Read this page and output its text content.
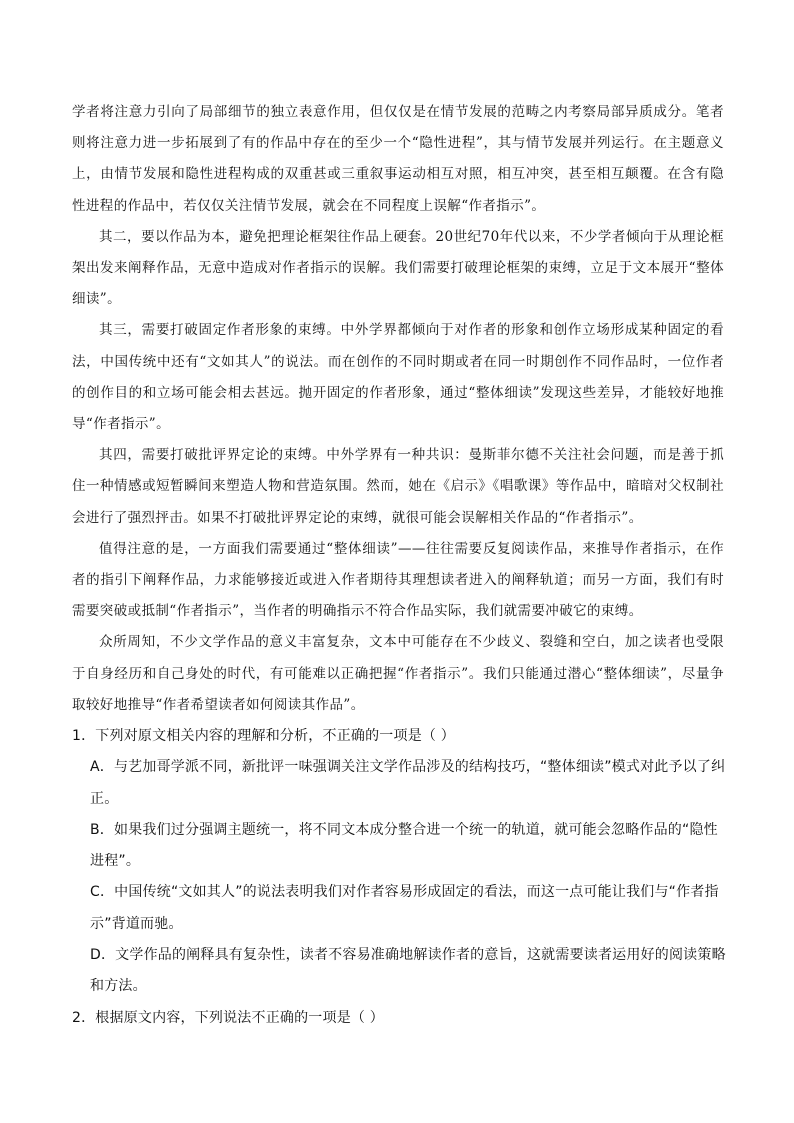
学者将注意力引向了局部细节的独立表意作用，但仅仅是在情节发展的范畴之内考察局部异质成分。笔者则将注意力进一步拓展到了有的作品中存在的至少一个“隐性进程”，其与情节发展并列运行。在主题意义上，由情节发展和隐性进程构成的双重甚或三重叙事运动相互对照，相互冲突，甚至相互颠覆。在含有隐性进程的作品中，若仅仅关注情节发展，就会在不同程度上误解“作者指示”。

其二，要以作品为本，避免把理论框架往作品上硬套。20世纪70年代以来，不少学者倾向于从理论框架出发来阐释作品，无意中造成对作者指示的误解。我们需要打破理论框架的束缚，立足于文本展开“整体细读”。

其三，需要打破固定作者形象的束缚。中外学界都倾向于对作者的形象和创作立场形成某种固定的看法，中国传统中还有“文如其人”的说法。而在创作的不同时期或者在同一时期创作不同作品时，一位作者的创作目的和立场可能会相去甚远。抛开固定的作者形象，通过“整体细读”发现这些差异，才能较好地推导“作者指示”。

其四，需要打破批评界定论的束缚。中外学界有一种共识：曼斯菲尔德不关注社会问题，而是善于抓住一种情感或短暂瞬间来塑造人物和营造氛围。然而，她在《启示》《唱歌课》等作品中，暗暗对父权制社会进行了强烈抨击。如果不打破批评界定论的束缚，就很可能会误解相关作品的“作者指示”。

值得注意的是，一方面我们需要通过“整体细读”——往往需要反复阅读作品，来推导作者指示，在作者的指引下阐释作品，力求能够接近或进入作者期待其理想读者进入的阐释轨道；而另一方面，我们有时需要突破或抵制“作者指示”，当作者的明确指示不符合作品实际，我们就需要冲破它的束缚。

众所周知，不少文学作品的意义丰富复杂，文本中可能存在不少歧义、裂缝和空白，加之读者也受限于自身经历和自己身处的时代，有可能难以正确把握“作者指示”。我们只能通过潜心“整体细读”，尽量争取较好地推导“作者希望读者如何阅读其作品”。

1．下列对原文相关内容的理解和分析，不正确的一项是（ ）

A．与艺加哥学派不同，新批评一味强调关注文学作品涉及的结构技巧，“整体细读”模式对此予以了纠正。

B．如果我们过分强调主题统一，将不同文本成分整合进一个统一的轨道，就可能会忽略作品的“隐性进程”。

C．中国传统“文如其人”的说法表明我们对作者容易形成固定的看法，而这一点可能让我们与“作者指示”背道而驰。

D．文学作品的阐释具有复杂性，读者不容易准确地解读作者的意旨，这就需要读者运用好的阅读策略和方法。

2．根据原文内容，下列说法不正确的一项是（ ）
